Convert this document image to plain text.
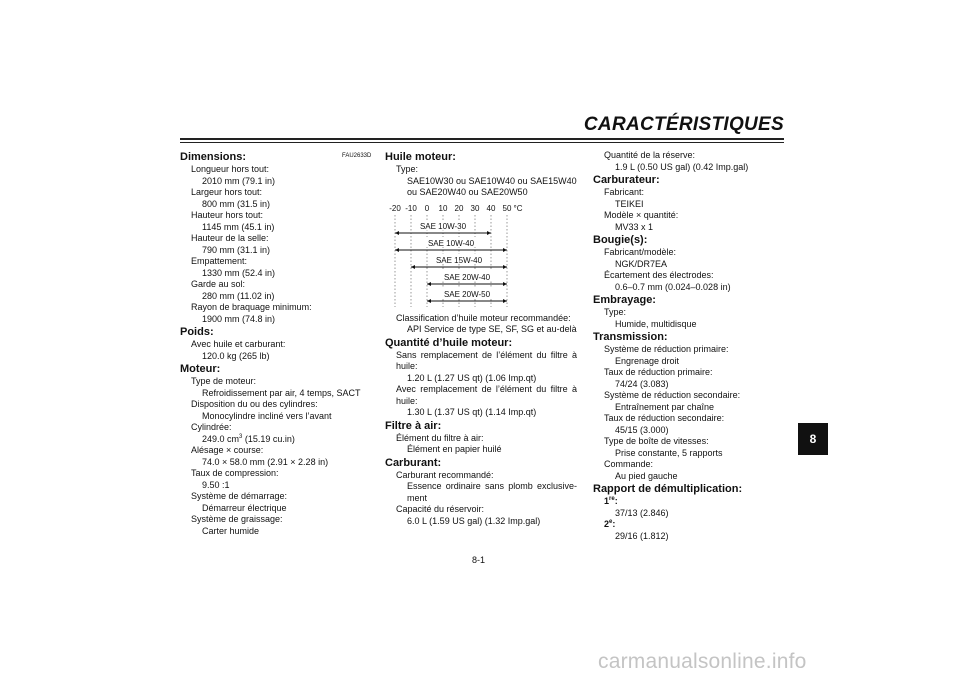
CARACTÉRISTIQUES
FAU2633D
Dimensions:
Longueur hors tout:
2010 mm (79.1 in)
Largeur hors tout:
800 mm (31.5 in)
Hauteur hors tout:
1145 mm (45.1 in)
Hauteur de la selle:
790 mm (31.1 in)
Empattement:
1330 mm (52.4 in)
Garde au sol:
280 mm (11.02 in)
Rayon de braquage minimum:
1900 mm (74.8 in)
Poids:
Avec huile et carburant:
120.0 kg (265 lb)
Moteur:
Type de moteur:
Refroidissement par air, 4 temps, SACT
Disposition du ou des cylindres:
Monocylindre incliné vers l’avant
Cylindrée:
249.0 $cm^3$ (15.19 cu.in)
Alésage × course:
74.0 × 58.0 mm (2.91 × 2.28 in)
Taux de compression:
9.50 :1
Système de démarrage:
Démarreur électrique
Système de graissage:
Carter humide
Huile moteur:
Type:
SAE10W30 ou SAE10W40 ou SAE15W40
ou SAE20W40 ou SAE20W50
-20 -10 0 10 20 30 40 50 °C
SAE 10W-30
SAE 10W-40
SAE 15W-40
SAE 20W-40
SAE 20W-50
Classification d’huile moteur recommandée:
API Service de type SE, SF, SG et au-delà
Quantité d’huile moteur:
Sans remplacement de l’élément du filtre à huile:
1.20 L (1.27 US qt) (1.06 Imp.qt)
Avec remplacement de l’élément du filtre à huile:
1.30 L (1.37 US qt) (1.14 Imp.qt)
Filtre à air:
Élément du filtre à air:
Élément en papier huilé
Carburant:
Carburant recommandé:
Essence ordinaire sans plomb exclusive-ment
Capacité du réservoir:
6.0 L (1.59 US gal) (1.32 Imp.gal)
Quantité de la réserve:
1.9 L (0.50 US gal) (0.42 Imp.gal)
Carburateur:
Fabricant:
TEIKEI
Modèle × quantité:
MV33 x 1
Bougie(s):
Fabricant/modèle:
NGK/DR7EA
Écartement des électrodes:
0.6–0.7 mm (0.024–0.028 in)
Embrayage:
Type:
Humide, multidisque
Transmission:
Système de réduction primaire:
Engrenage droit
Taux de réduction primaire:
74/24 (3.083)
Système de réduction secondaire:
Entraînement par chaîne
Taux de réduction secondaire:
45/15 (3.000)
Type de boîte de vitesses:
Prise constante, 5 rapports
Commande:
Au pied gauche
Rapport de démultiplication:
1re:
37/13 (2.846)
2e:
29/16 (1.812)
8-1
8
carmanualsonline.info
